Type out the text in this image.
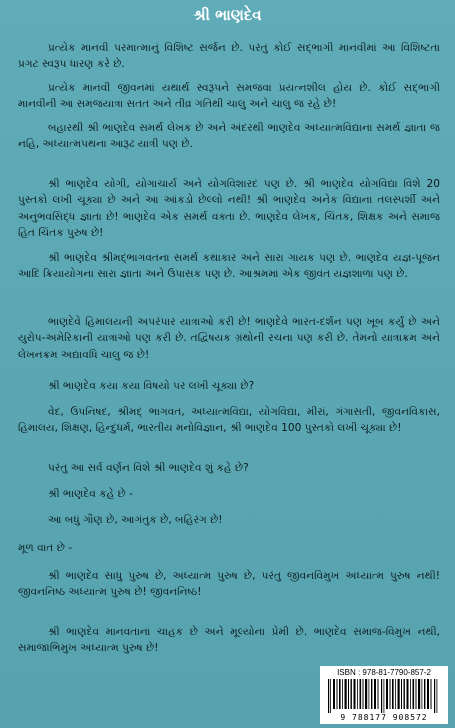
શ્રી ભાણદેવ

પ્રત્યેક માનવી પરમાત્માનું વિશિષ્ટ સર્જન છે. પરંતુ કોઈ સદ્ભાગી માનવીમાં આ વિશિષ્ટતા પ્રગટ સ્વરૂપ ધારણ કરે છે.

પ્રત્યેક માનવી જીવનમાં યથાર્થ સ્વરૂપને સમજવા પ્રયત્નશીલ હોય છે. કોઈ સદ્ભાગી માનવીની આ સમજયાત્રા સતત અને તીવ્ર ગતિથી ચાલુ અને ચાલુ જ રહે છે!

બહારથી શ્રી ભાણદેવ સમર્થ લેખક છે અને અંદરથી ભાણદેવ અધ્યાત્મવિદ્યાના સમર્થ જ્ઞાતા જ નહિ, અધ્યાત્મપથના આરૂઢ યાત્રી પણ છે.

શ્રી ભાણદેવ યોગી, યોગાચાર્ય અને યોગવિશારદ પણ છે. શ્રી ભાણદેવ યોગવિદ્યા વિશે 20 પુસ્તકો લખી ચૂક્યા છે અને આ આંકડો છેલ્લો નથી! શ્રી ભાણદેવ અનેક વિદ્યાના તલસ્પર્શી અને અનુભવસિદ્ધ જ્ઞાતા છે! ભાણદેવ એક સમર્થ વક્તા છે. ભાણદેવ લેખક, ચિંતક, શિક્ષક અને સમાજ હિત ચિંતક પુરુષ છે!

શ્રી ભાણદેવ શ્રીમદ્ભાગવતના સમર્થ કથાકાર અને સારા ગાયક પણ છે. ભાણદેવ યજ્ઞ-પૂજન આદિ ક્રિયાયોગના સારા જ્ઞાતા અને ઉપાસક પણ છે. આશ્રમમાં એક જીવંત યજ્ઞશાળા પણ છે.

ભાણદેવે હિમાલયની અપરંપાર યાત્રાઓ કરી છે! ભાણદેવે ભારત-દર્શન પણ ખૂબ કર્યું છે અને યુરોપ-અમેરિકાની યાત્રાઓ પણ કરી છે. તદ્વિષયક ગ્રંથોની રચના પણ કરી છે. તેમનો યાત્રાક્રમ અને લેખનક્રમ અદ્યાવધિ ચાલુ જ છે!

શ્રી ભાણદેવ કયા કયા વિષયો પર લખી ચૂક્યા છે?

વેદ, ઉપનિષદ, શ્રીમદ્ ભાગવત, અધ્યાત્મવિદ્યા, યોગવિદ્યા, મીરાં, ગંગાસતી, જીવનવિકાસ, હિમાલય, શિક્ષણ, હિન્દુધર્મ, ભારતીય મનોવિજ્ઞાન, શ્રી ભાણદેવ 100 પુસ્તકો લખી ચૂક્યા છે!

પરંતુ આ સર્વ વર્ણન વિશે શ્રી ભાણદેવ શું કહે છે?

શ્રી ભાણદેવ કહે છે -

આ બધું ગૌણ છે, આગંતુક છે, બહિરંગ છે!

મૂળ વાત છે -

શ્રી ભાણદેવ સાધુ પુરુષ છે, અધ્યાત્મ પુરુષ છે, પરંતુ જીવનવિમુખ અધ્યાત્મ પુરુષ નથી! જીવનનિષ્ઠ અધ્યાત્મ પુરુષ છે! જીવનનિષ્ઠ!

શ્રી ભાણદેવ માનવતાના ચાહક છે અને મૂલ્યોના પ્રેમી છે. ભાણદેવ સમાજ-વિમુખ નથી, સમાજાભિમુખ અધ્યાત્મ પુરુષ છે!

ISBN : 978-81-7790-857-2
9 788177 908572
